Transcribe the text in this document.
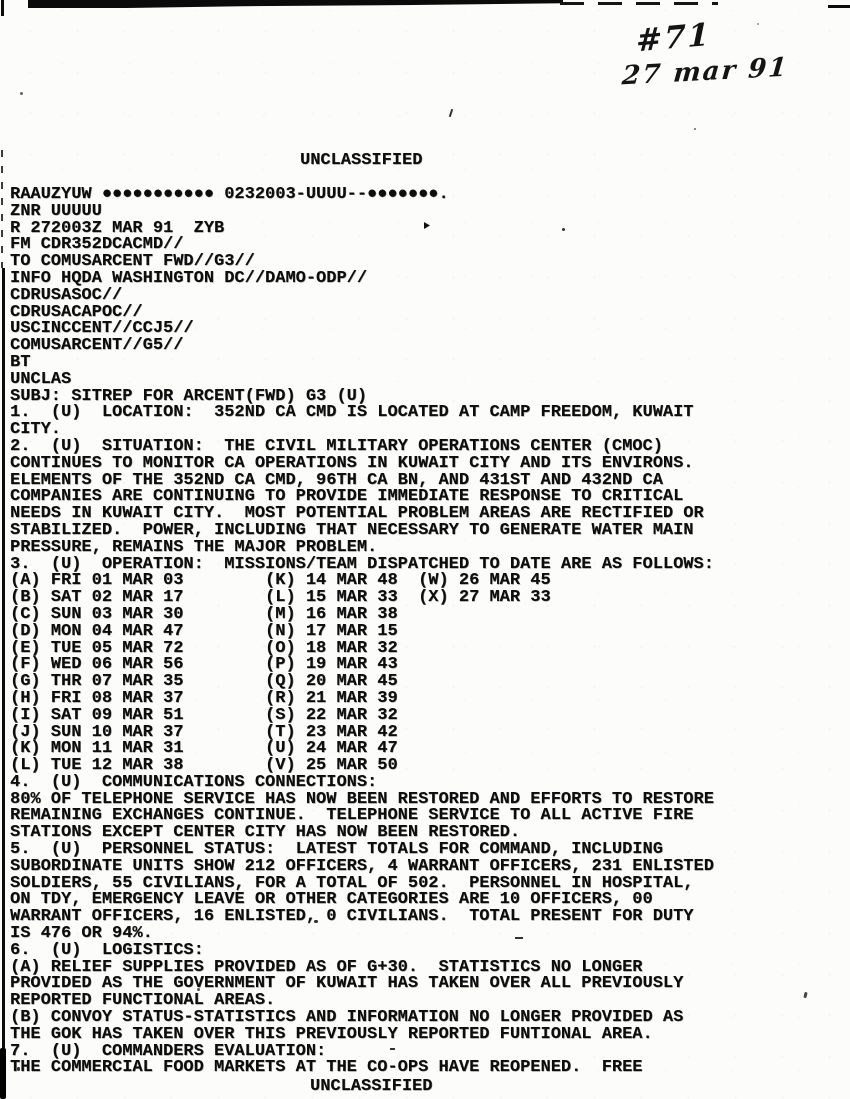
#71
27 mar 91
UNCLASSIFIED
UNCLASSIFIED
RAAUZYUW ●●●●●●●●●●● 0232003-UUUU--●●●●●●●.
ZNR UUUUU
R 272003Z MAR 91  ZYB
FM CDR352DCACMD//
TO COMUSARCENT FWD//G3//
INFO HQDA WASHINGTON DC//DAMO-ODP//
CDRUSASOC//
CDRUSACAPOC//
USCINCCENT//CCJ5//
COMUSARCENT//G5//
BT
UNCLAS
SUBJ: SITREP FOR ARCENT(FWD) G3 (U)
1.  (U)  LOCATION:  352ND CA CMD IS LOCATED AT CAMP FREEDOM, KUWAIT
CITY.
2.  (U)  SITUATION:  THE CIVIL MILITARY OPERATIONS CENTER (CMOC)
CONTINUES TO MONITOR CA OPERATIONS IN KUWAIT CITY AND ITS ENVIRONS.
ELEMENTS OF THE 352ND CA CMD, 96TH CA BN, AND 431ST AND 432ND CA
COMPANIES ARE CONTINUING TO PROVIDE IMMEDIATE RESPONSE TO CRITICAL
NEEDS IN KUWAIT CITY.  MOST POTENTIAL PROBLEM AREAS ARE RECTIFIED OR
STABILIZED.  POWER, INCLUDING THAT NECESSARY TO GENERATE WATER MAIN
PRESSURE, REMAINS THE MAJOR PROBLEM.
3.  (U)  OPERATION:  MISSIONS/TEAM DISPATCHED TO DATE ARE AS FOLLOWS:
(A) FRI 01 MAR 03        (K) 14 MAR 48  (W) 26 MAR 45
(B) SAT 02 MAR 17        (L) 15 MAR 33  (X) 27 MAR 33
(C) SUN 03 MAR 30        (M) 16 MAR 38
(D) MON 04 MAR 47        (N) 17 MAR 15
(E) TUE 05 MAR 72        (O) 18 MAR 32
(F) WED 06 MAR 56        (P) 19 MAR 43
(G) THR 07 MAR 35        (Q) 20 MAR 45
(H) FRI 08 MAR 37        (R) 21 MAR 39
(I) SAT 09 MAR 51        (S) 22 MAR 32
(J) SUN 10 MAR 37        (T) 23 MAR 42
(K) MON 11 MAR 31        (U) 24 MAR 47
(L) TUE 12 MAR 38        (V) 25 MAR 50
4.  (U)  COMMUNICATIONS CONNECTIONS:
80% OF TELEPHONE SERVICE HAS NOW BEEN RESTORED AND EFFORTS TO RESTORE
REMAINING EXCHANGES CONTINUE.  TELEPHONE SERVICE TO ALL ACTIVE FIRE
STATIONS EXCEPT CENTER CITY HAS NOW BEEN RESTORED.
5.  (U)  PERSONNEL STATUS:  LATEST TOTALS FOR COMMAND, INCLUDING
SUBORDINATE UNITS SHOW 212 OFFICERS, 4 WARRANT OFFICERS, 231 ENLISTED
SOLDIERS, 55 CIVILIANS, FOR A TOTAL OF 502.  PERSONNEL IN HOSPITAL,
ON TDY, EMERGENCY LEAVE OR OTHER CATEGORIES ARE 10 OFFICERS, 00
WARRANT OFFICERS, 16 ENLISTED, 0 CIVILIANS.  TOTAL PRESENT FOR DUTY
IS 476 OR 94%.
6.  (U)  LOGISTICS:
(A) RELIEF SUPPLIES PROVIDED AS OF G+30.  STATISTICS NO LONGER
PROVIDED AS THE GOVERNMENT OF KUWAIT HAS TAKEN OVER ALL PREVIOUSLY
REPORTED FUNCTIONAL AREAS.
(B) CONVOY STATUS-STATISTICS AND INFORMATION NO LONGER PROVIDED AS
THE GOK HAS TAKEN OVER THIS PREVIOUSLY REPORTED FUNTIONAL AREA.
7.  (U)  COMMANDERS EVALUATION:
THE COMMERCIAL FOOD MARKETS AT THE CO-OPS HAVE REOPENED.  FREE
